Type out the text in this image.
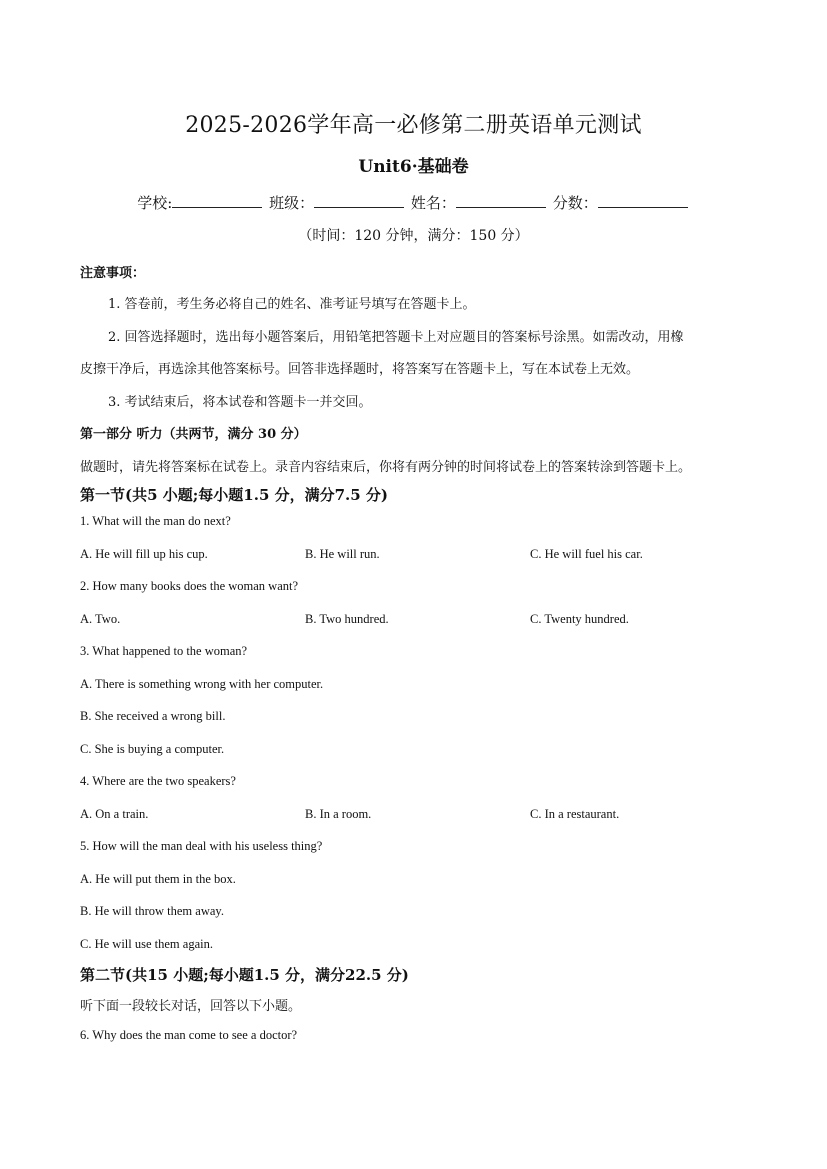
2025-2026学年高一必修第二册英语单元测试
Unit6·基础卷
学校:	班级：	姓名：	分数：
（时间：120 分钟，满分：150 分）
注意事项：
1. 答卷前，考生务必将自己的姓名、准考证号填写在答题卡上。
2. 回答选择题时，选出每小题答案后，用铅笔把答题卡上对应题目的答案标号涂黑。如需改动，用橡
皮擦干净后，再选涂其他答案标号。回答非选择题时，将答案写在答题卡上，写在本试卷上无效。
3. 考试结束后，将本试卷和答题卡一并交回。
第一部分 听力（共两节，满分 30 分）
做题时，请先将答案标在试卷上。录音内容结束后，你将有两分钟的时间将试卷上的答案转涂到答题卡上。
第一节(共5 小题;每小题1.5 分，满分7.5 分)
1. What will the man do next?
A. He will fill up his cup.	B. He will run.	C. He will fuel his car.
2. How many books does the woman want?
A. Two.	B. Two hundred.	C. Twenty hundred.
3. What happened to the woman?
A. There is something wrong with her computer.
B. She received a wrong bill.
C. She is buying a computer.
4. Where are the two speakers?
A. On a train.	B. In a room.	C. In a restaurant.
5. How will the man deal with his useless thing?
A. He will put them in the box.
B. He will throw them away.
C. He will use them again.
第二节(共15 小题;每小题1.5 分，满分22.5 分)
听下面一段较长对话，回答以下小题。
6. Why does the man come to see a doctor?
